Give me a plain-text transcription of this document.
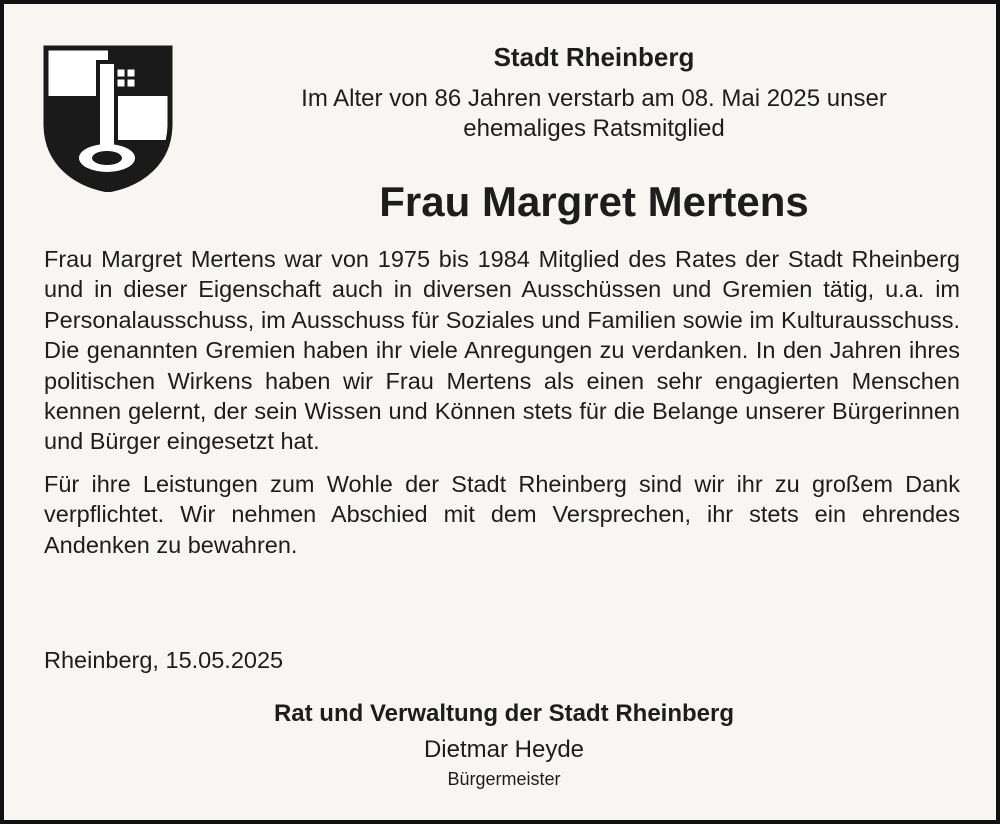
Stadt Rheinberg
Im Alter von 86 Jahren verstarb am 08. Mai 2025 unser
ehemaliges Ratsmitglied
Frau Margret Mertens

Frau Margret Mertens war von 1975 bis 1984 Mitglied des Rates der Stadt Rheinberg und in dieser Eigenschaft auch in diversen Ausschüssen und Gremien tätig, u.a. im Personalausschuss, im Ausschuss für Soziales und Familien sowie im Kulturausschuss. Die genannten Gremien haben ihr viele Anregungen zu verdanken. In den Jahren ihres politischen Wirkens haben wir Frau Mertens als einen sehr engagierten Menschen kennen gelernt, der sein Wissen und Können stets für die Belange unserer Bürgerinnen und Bürger eingesetzt hat.

Für ihre Leistungen zum Wohle der Stadt Rheinberg sind wir ihr zu großem Dank verpflichtet. Wir nehmen Abschied mit dem Versprechen, ihr stets ein ehrendes Andenken zu bewahren.

Rheinberg, 15.05.2025
Rat und Verwaltung der Stadt Rheinberg
Dietmar Heyde
Bürgermeister
